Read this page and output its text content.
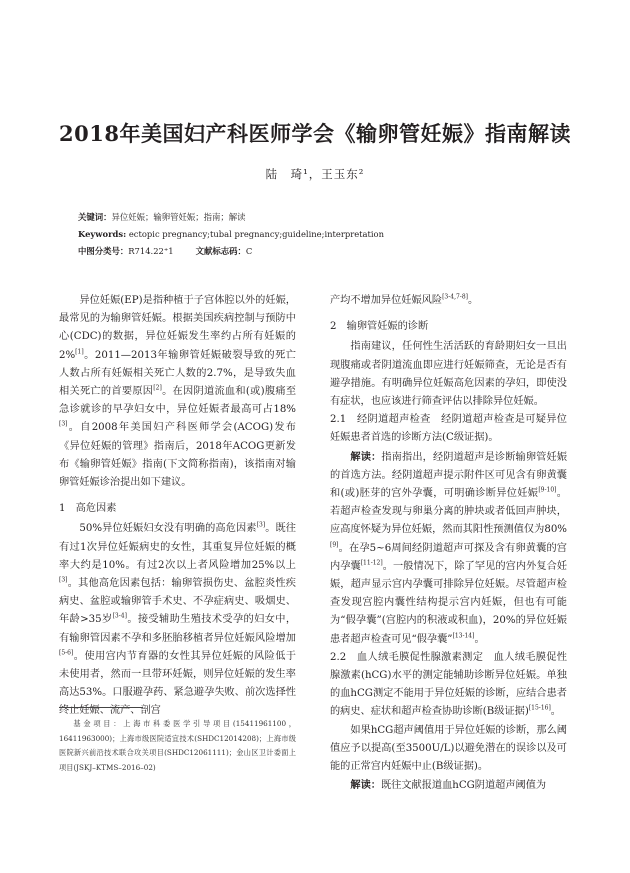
2018年美国妇产科医师学会《输卵管妊娠》指南解读
陆　琦¹，王玉东²
关键词：异位妊娠；输卵管妊娠；指南；解读
Keywords: ectopic pregnancy;tubal pregnancy;guideline;interpretation
中图分类号：R714.22⁺1	文献标志码：C

异位妊娠(EP)是指种植于子宫体腔以外的妊娠，最常见的为输卵管妊娠。根据美国疾病控制与预防中心(CDC)的数据，异位妊娠发生率约占所有妊娠的2%[1]。2011—2013年输卵管妊娠破裂导致的死亡人数占所有妊娠相关死亡人数的2.7%，是导致失血相关死亡的首要原因[2]。在因阴道流血和(或)腹痛至急诊就诊的早孕妇女中，异位妊娠者最高可占18%[3]。自2008年美国妇产科医师学会(ACOG)发布《异位妊娠的管理》指南后，2018年ACOG更新发布《输卵管妊娠》指南(下文简称指南)，该指南对输卵管妊娠诊治提出如下建议。

1　高危因素

50%异位妊娠妇女没有明确的高危因素[3]。既往有过1次异位妊娠病史的女性，其重复异位妊娠的概率大约是10%。有过2次以上者风险增加25%以上[3]。其他高危因素包括：输卵管损伤史、盆腔炎性疾病史、盆腔或输卵管手术史、不孕症病史、吸烟史、年龄>35岁[3-4]。接受辅助生殖技术受孕的妇女中，有输卵管因素不孕和多胚胎移植者异位妊娠风险增加[5-6]。使用宫内节育器的女性其异位妊娠的风险低于未使用者，然而一旦带环妊娠，则异位妊娠的发生率高达53%。口服避孕药、紧急避孕失败、前次选择性终止妊娠、流产、剖宫

基金项目：上海市科委医学引导项目(15411961100，16411963000)；上海市级医院适宜技术(SHDC12014208)；上海市级医院新兴前沿技术联合攻关项目(SHDC12061111)；金山区卫计委面上项目(JSKJ–KTMS–2016–02)

产均不增加异位妊娠风险[3-4,7-8]。

2　输卵管妊娠的诊断

指南建议，任何性生活活跃的育龄期妇女一旦出现腹痛或者阴道流血即应进行妊娠筛查，无论是否有避孕措施。有明确异位妊娠高危因素的孕妇，即使没有症状，也应该进行筛查评估以排除异位妊娠。

2.1　经阴道超声检查　经阴道超声检查是可疑异位妊娠患者首选的诊断方法(C级证据)。

解读：指南指出，经阴道超声是诊断输卵管妊娠的首选方法。经阴道超声提示附件区可见含有卵黄囊和(或)胚芽的宫外孕囊，可明确诊断异位妊娠[9-10]。若超声检查发现与卵巢分离的肿块或者低回声肿块，应高度怀疑为异位妊娠，然而其阳性预测值仅为80%[9]。在孕5~6周间经阴道超声可探及含有卵黄囊的宫内孕囊[11-12]。一般情况下，除了罕见的宫内外复合妊娠，超声显示宫内孕囊可排除异位妊娠。尽管超声检查发现宫腔内囊性结构提示宫内妊娠，但也有可能为“假孕囊”(宫腔内的积液或积血)，20%的异位妊娠患者超声检查可见“假孕囊”[13-14]。

2.2　血人绒毛膜促性腺激素测定　血人绒毛膜促性腺激素(hCG)水平的测定能辅助诊断异位妊娠。单独的血hCG测定不能用于异位妊娠的诊断，应结合患者的病史、症状和超声检查协助诊断(B级证据)[15-16]。

如果hCG超声阈值用于异位妊娠的诊断，那么阈值应予以提高(至3500U/L)以避免潜在的误诊以及可能的正常宫内妊娠中止(B级证据)。

解读：既往文献报道血hCG阴道超声阈值为
